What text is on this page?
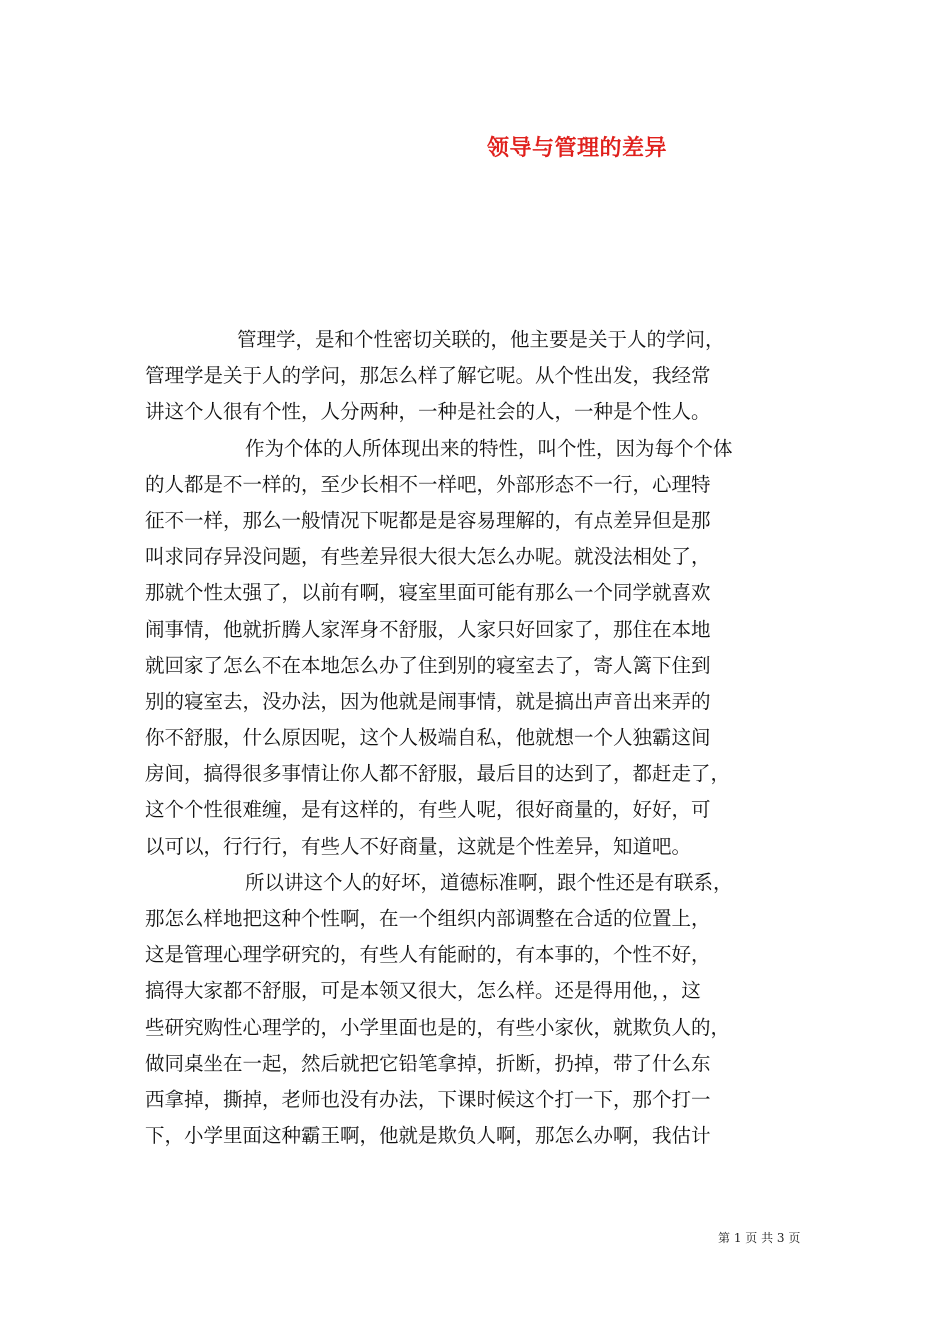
领导与管理的差异
管理学，是和个性密切关联的，他主要是关于人的学问，
管理学是关于人的学问，那怎么样了解它呢。从个性出发，我经常
讲这个人很有个性，人分两种，一种是社会的人，一种是个性人。
作为个体的人所体现出来的特性，叫个性，因为每个个体
的人都是不一样的，至少长相不一样吧，外部形态不一行，心理特
征不一样，那么一般情况下呢都是是容易理解的，有点差异但是那
叫求同存异没问题，有些差异很大很大怎么办呢。就没法相处了，
那就个性太强了，以前有啊，寝室里面可能有那么一个同学就喜欢
闹事情，他就折腾人家浑身不舒服，人家只好回家了，那住在本地
就回家了怎么不在本地怎么办了住到别的寝室去了，寄人篱下住到
别的寝室去，没办法，因为他就是闹事情，就是搞出声音出来弄的
你不舒服，什么原因呢，这个人极端自私，他就想一个人独霸这间
房间，搞得很多事情让你人都不舒服，最后目的达到了，都赶走了，
这个个性很难缠，是有这样的，有些人呢，很好商量的，好好，可
以可以，行行行，有些人不好商量，这就是个性差异，知道吧。
所以讲这个人的好坏，道德标准啊，跟个性还是有联系，
那怎么样地把这种个性啊，在一个组织内部调整在合适的位置上，
这是管理心理学研究的，有些人有能耐的，有本事的，个性不好，
搞得大家都不舒服，可是本领又很大，怎么样。还是得用他，，这
些研究购性心理学的，小学里面也是的，有些小家伙，就欺负人的，
做同桌坐在一起，然后就把它铅笔拿掉，折断，扔掉，带了什么东
西拿掉，撕掉，老师也没有办法，下课时候这个打一下，那个打一
下，小学里面这种霸王啊，他就是欺负人啊，那怎么办啊，我估计
第 1 页 共 3 页
